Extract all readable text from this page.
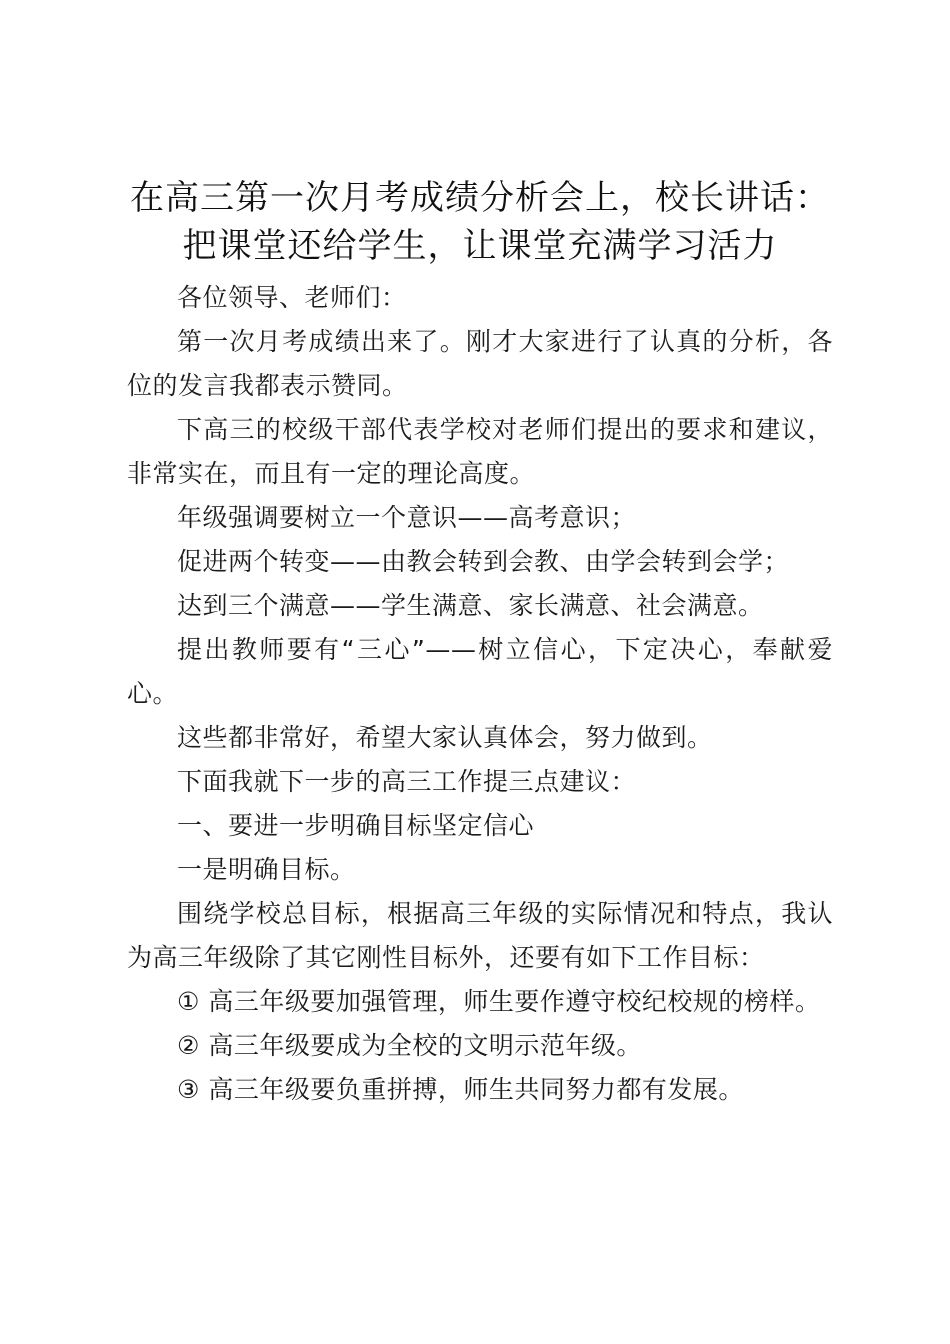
在高三第一次月考成绩分析会上，校长讲话：
把课堂还给学生，让课堂充满学习活力

各位领导、老师们：

第一次月考成绩出来了。刚才大家进行了认真的分析，各位的发言我都表示赞同。

下高三的校级干部代表学校对老师们提出的要求和建议，非常实在，而且有一定的理论高度。

年级强调要树立一个意识——高考意识；

促进两个转变——由教会转到会教、由学会转到会学；

达到三个满意——学生满意、家长满意、社会满意。

提出教师要有“三心”——树立信心，下定决心，奉献爱心。

这些都非常好，希望大家认真体会，努力做到。

下面我就下一步的高三工作提三点建议：

一、要进一步明确目标坚定信心

一是明确目标。

围绕学校总目标，根据高三年级的实际情况和特点，我认为高三年级除了其它刚性目标外，还要有如下工作目标：

① 高三年级要加强管理，师生要作遵守校纪校规的榜样。

② 高三年级要成为全校的文明示范年级。

③ 高三年级要负重拼搏，师生共同努力都有发展。
